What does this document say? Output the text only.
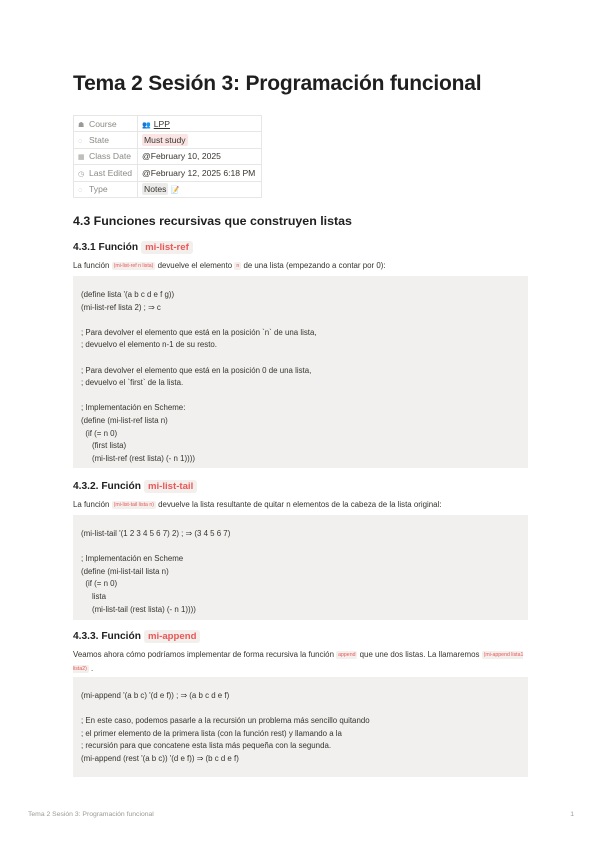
Tema 2 Sesión 3: Programación funcional
☗ Course	👥 LPP
◌ State	Must study
▦ Class Date	@February 10, 2025
◷ Last Edited	@February 12, 2025 6:18 PM
◌ Type	Notes 📝
4.3 Funciones recursivas que construyen listas
4.3.1 Función mi-list-ref
La función (mi-list-ref n lista) devuelve el elemento n de una lista (empezando a contar por 0):
(define lista '(a b c d e f g))
(mi-list-ref lista 2) ; ⇒ c
; Para devolver el elemento que está en la posición `n` de una lista,
; devuelvo el elemento n-1 de su resto.
; Para devolver el elemento que está en la posición 0 de una lista,
; devuelvo el `first` de la lista.
; Implementación en Scheme:
(define (mi-list-ref lista n)
(if (= n 0)
(first lista)
(mi-list-ref (rest lista) (- n 1))))
4.3.2. Función mi-list-tail
La función (mi-list-tail lista n) devuelve la lista resultante de quitar n elementos de la cabeza de la lista original:
(mi-list-tail '(1 2 3 4 5 6 7) 2) ; ⇒ (3 4 5 6 7)
; Implementación en Scheme
(define (mi-list-tail lista n)
(if (= n 0)
lista
(mi-list-tail (rest lista) (- n 1))))
4.3.3. Función mi-append
Veamos ahora cómo podríamos implementar de forma recursiva la función append que une dos listas. La llamaremos (mi-append lista1 lista2) .
(mi-append '(a b c) '(d e f)) ; ⇒ (a b c d e f)
; En este caso, podemos pasarle a la recursión un problema más sencillo quitando
; el primer elemento de la primera lista (con la función rest) y llamando a la
; recursión para que concatene esta lista más pequeña con la segunda.
(mi-append (rest '(a b c)) '(d e f)) ⇒ (b c d e f)
Tema 2 Sesión 3: Programación funcional	1
